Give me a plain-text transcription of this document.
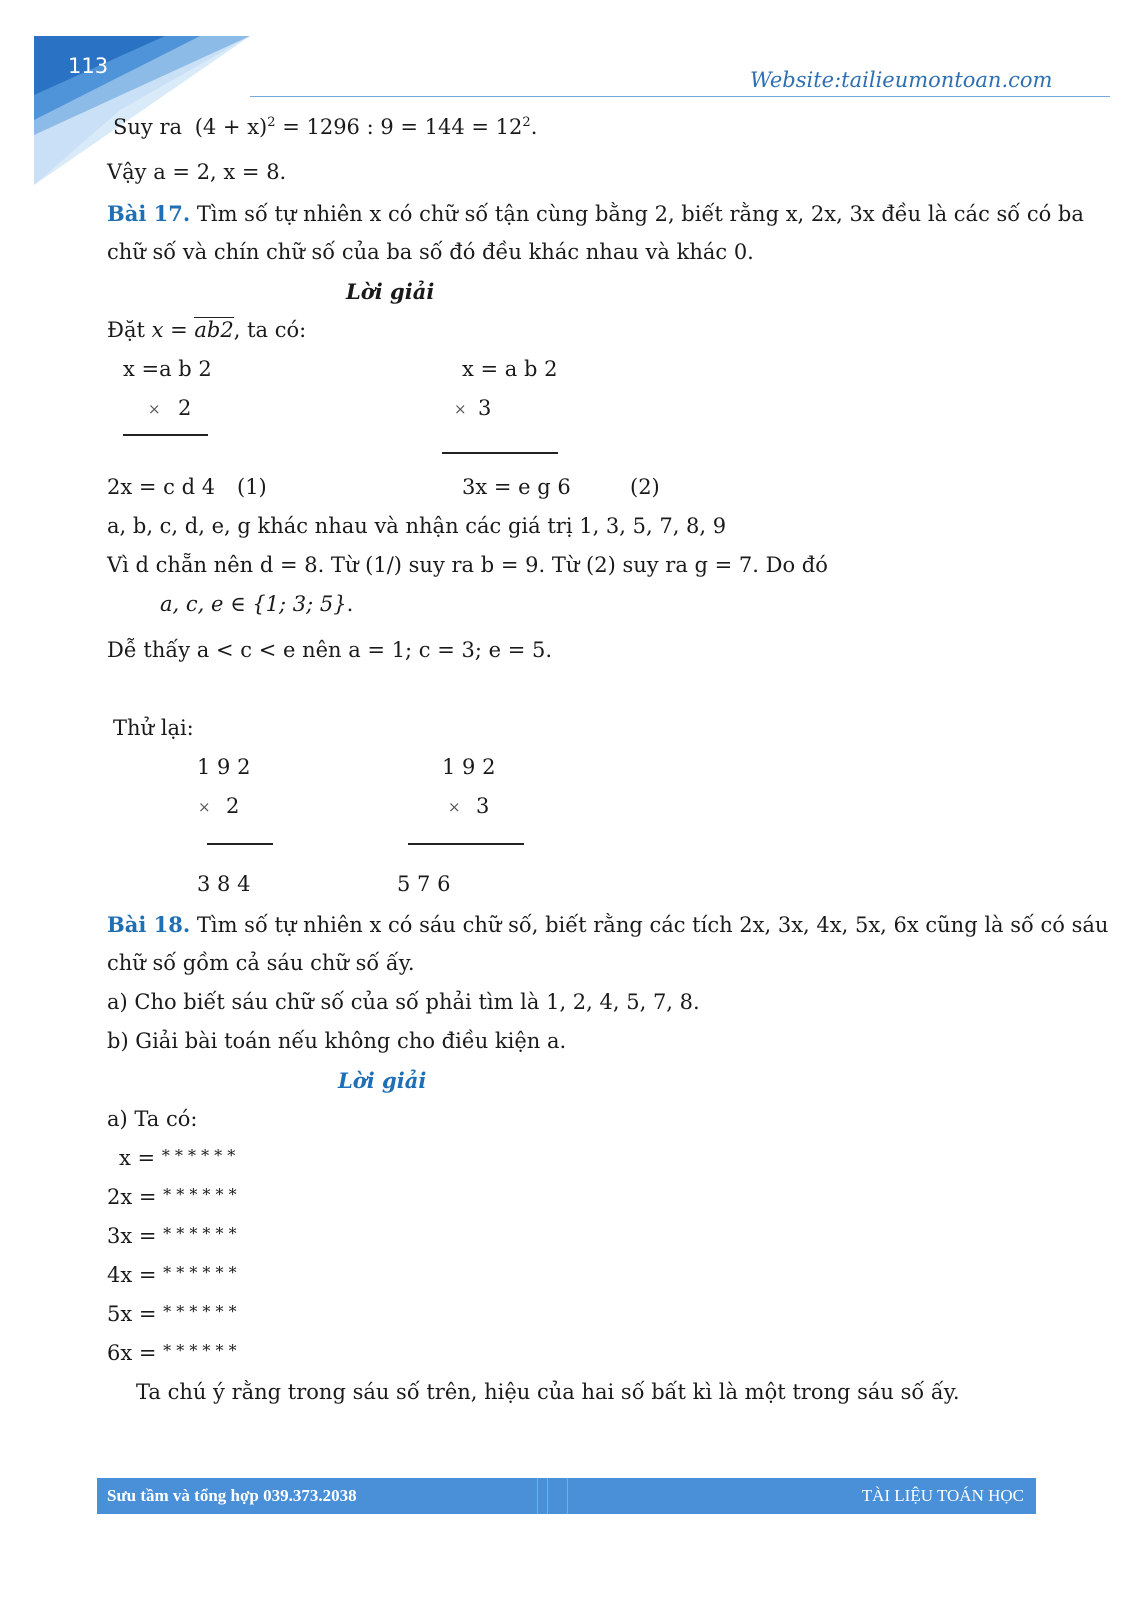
113
Website:tailieumontoan.com
Suy ra $(4 + x)^2 = 1296$ : $9 = 144 = 12^2$.
Vậy a = 2, x = 8.
Bài 17. Tìm số tự nhiên x có chữ số tận cùng bằng 2, biết rằng x, 2x, 3x đều là các số có ba
chữ số và chín chữ số của ba số đó đều khác nhau và khác 0.
Lời giải
Đặt x = ab2, ta có:
x =a b 2
× 2
x = a b 2
× 3
2x = c d 4 (1)	3x = e g 6	(2)
a, b, c, d, e, g khác nhau và nhận các giá trị 1, 3, 5, 7, 8, 9
Vì d chẵn nên d = 8. Từ (1/) suy ra b = 9. Từ (2) suy ra g = 7. Do đó
a, c, e ∈ {1; 3; 5}.
Dễ thấy a < c < e nên a = 1; c = 3; e = 5.
Thử lại:
1 9 2
× 2
3 8 4
1 9 2
× 3
5 7 6
Bài 18. Tìm số tự nhiên x có sáu chữ số, biết rằng các tích 2x, 3x, 4x, 5x, 6x cũng là số có sáu
chữ số gồm cả sáu chữ số ấy.
a) Cho biết sáu chữ số của số phải tìm là 1, 2, 4, 5, 7, 8.
b) Giải bài toán nếu không cho điều kiện a.
Lời giải
a) Ta có:
x = * * * * * *
2x = * * * * * *
3x = * * * * * *
4x = * * * * * *
5x = * * * * * *
6x = * * * * * *
Ta chú ý rằng trong sáu số trên, hiệu của hai số bất kì là một trong sáu số ấy.
Sưu tầm và tổng hợp 039.373.2038	TÀI LIỆU TOÁN HỌC
